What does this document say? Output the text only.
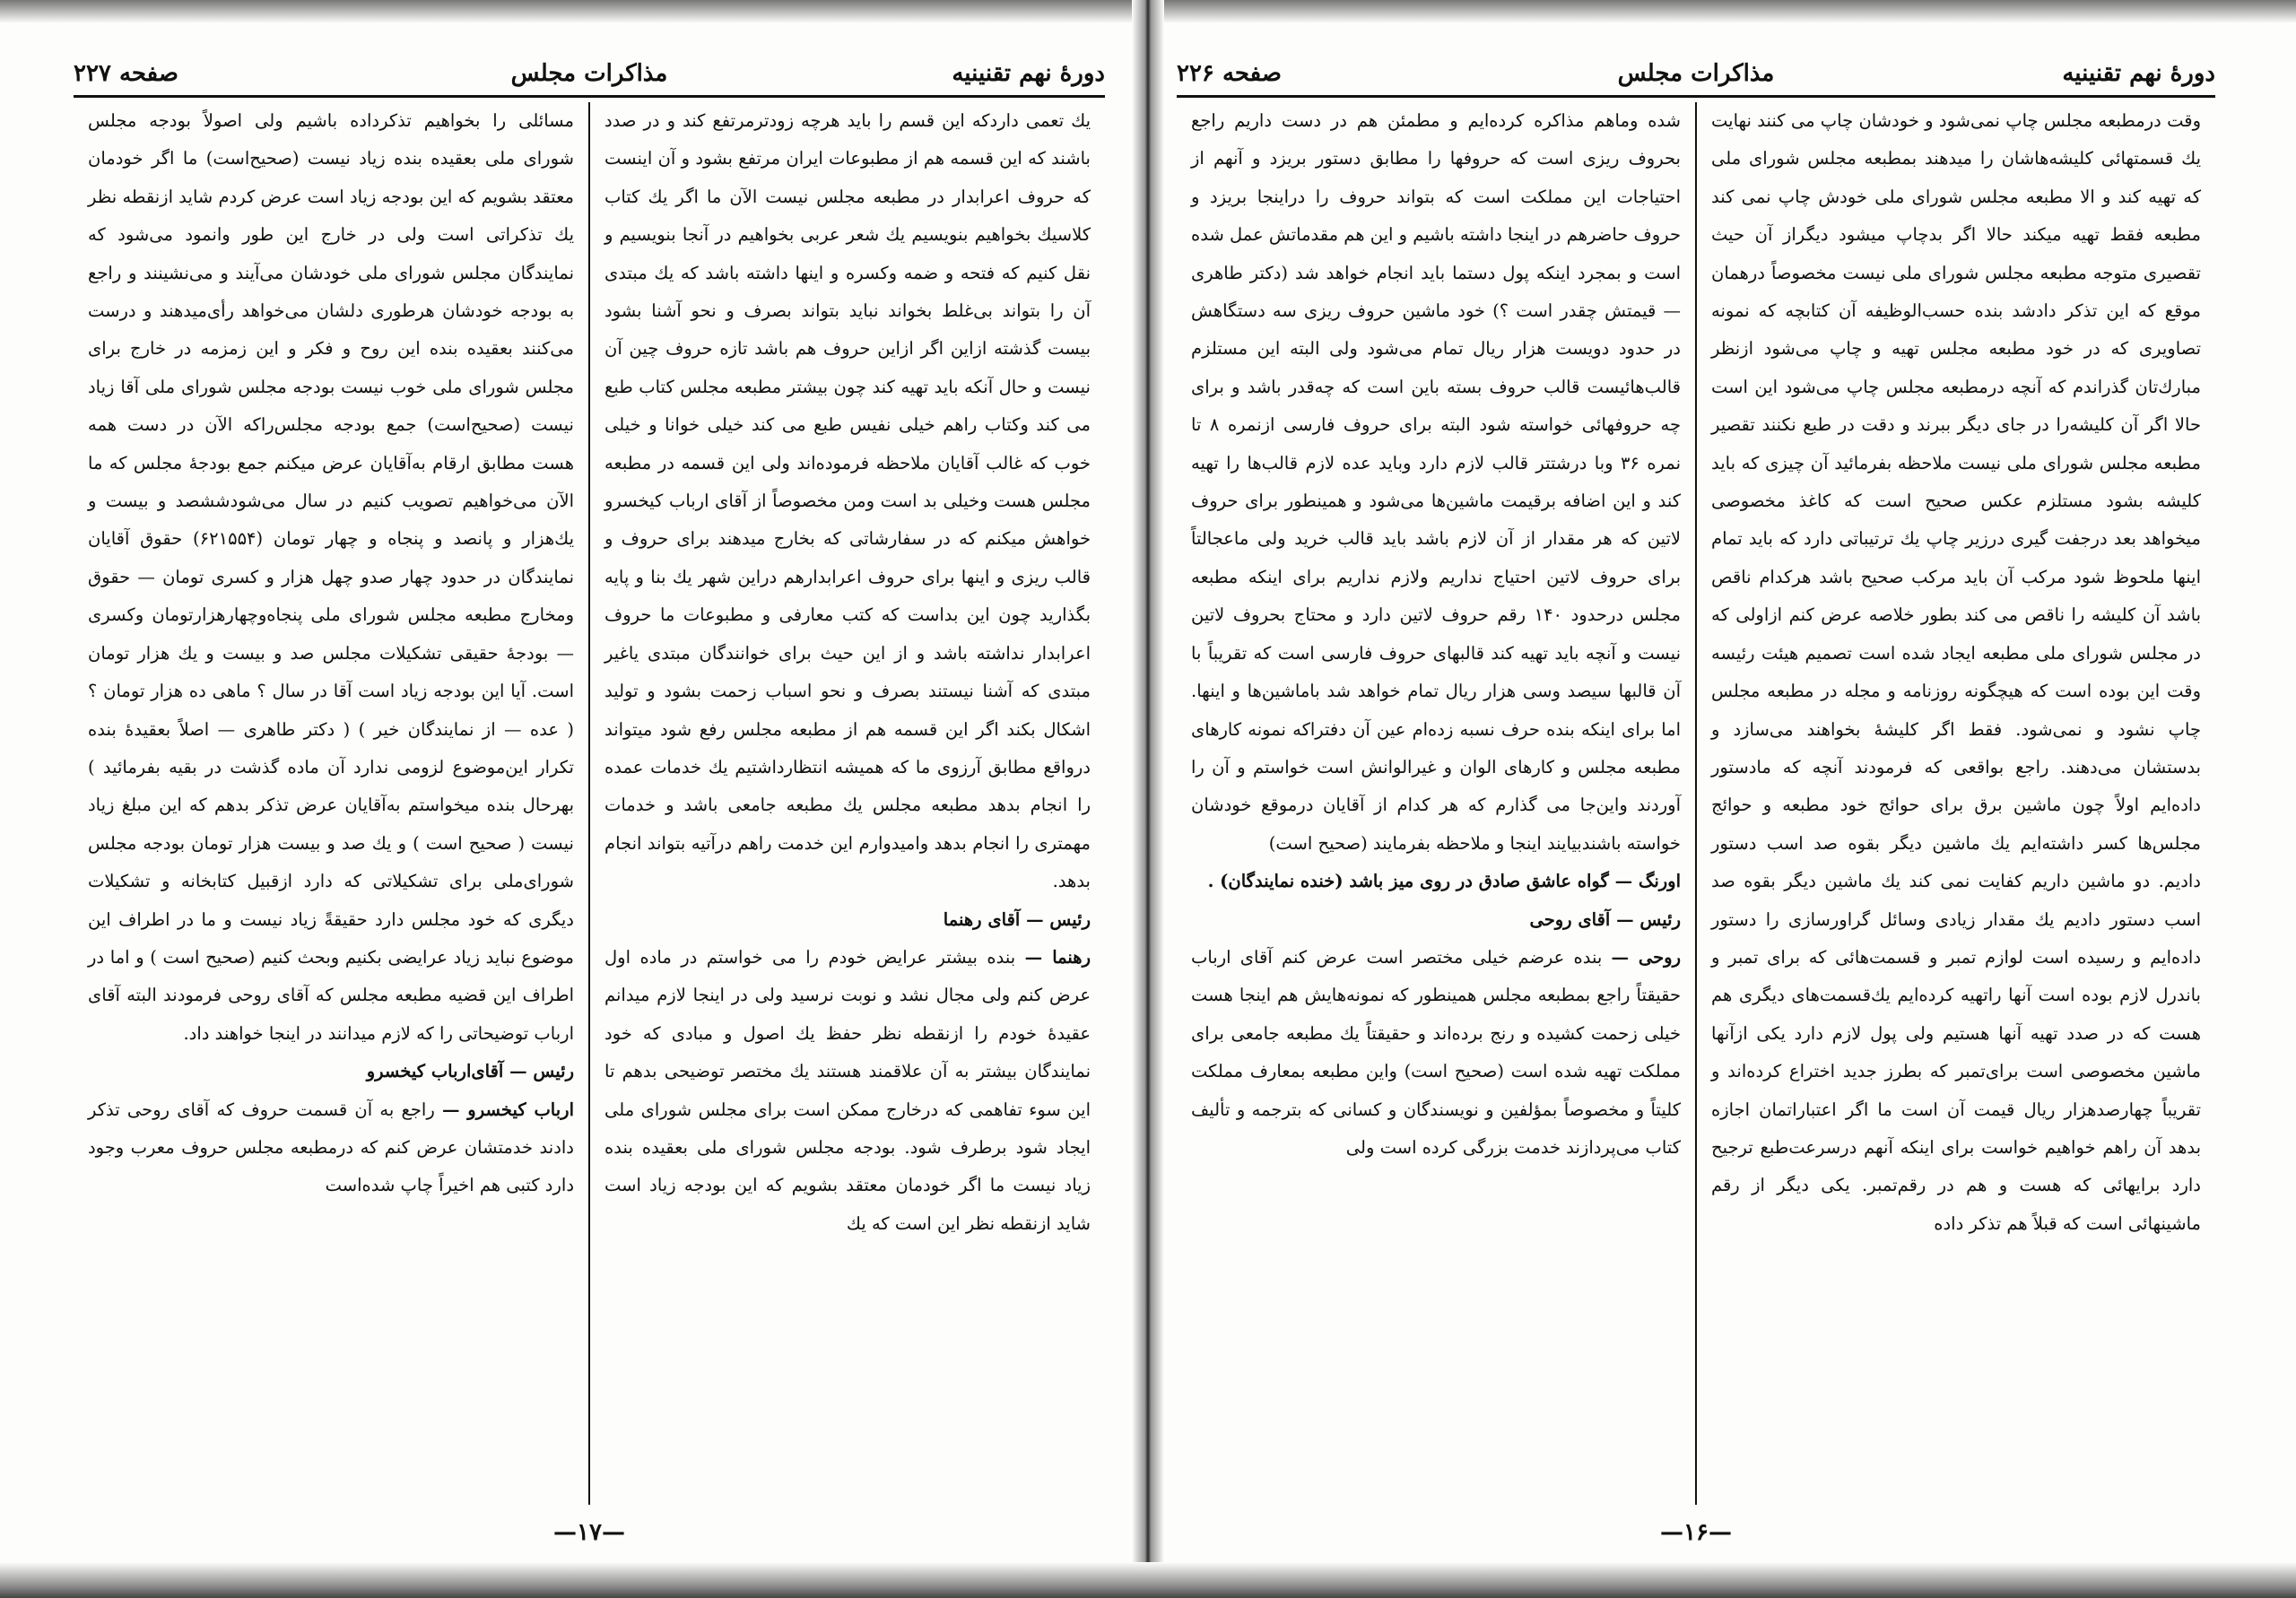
دورهٔ نهم تقنینیه
مذاکرات مجلس
صفحه ۲۲۷

یك تعمی داردكه این قسم را باید هرچه زودترمرتفع كند و در صدد باشند كه این قسمه هم از مطبوعات ایران مرتفع بشود و آن اینست كه حروف اعرابدار در مطبعه مجلس نیست الآن ما اگر یك كتاب كلاسیك بخواهیم بنویسیم یك شعر عربی بخواهیم در آنجا بنویسیم و نقل كنیم كه فتحه و ضمه وكسره و اینها داشته باشد كه یك مبتدی آن را بتواند بی‌غلط بخواند نباید بتواند بصرف و نحو آشنا بشود بیست گذشته ازاین اگر ازاین حروف هم باشد تازه حروف چین آن نیست و حال آنكه باید تهیه كند چون بیشتر مطبعه مجلس كتاب طبع می كند وكتاب راهم خیلی نفیس طبع می كند خیلی خوانا و خیلی خوب كه غالب آقایان ملاحظه فرموده‌اند ولی این قسمه در مطبعه مجلس هست وخیلی بد است ومن مخصوصاً از آقای ارباب كیخسرو خواهش میكنم كه در سفارشاتی كه بخارج میدهند برای حروف و قالب ریزی و اینها برای حروف اعرابدارهم دراین شهر یك بنا و پایه بگذارید چون این بداست كه كتب معارفی و مطبوعات ما حروف اعرابدار نداشته باشد و از این حیث برای خوانندگان مبتدی یاغیر مبتدی كه آشنا نیستند بصرف و نحو اسباب زحمت بشود و تولید اشكال بكند اگر این قسمه هم از مطبعه مجلس رفع شود میتواند درواقع مطابق آرزوی ما كه همیشه انتظارداشتیم یك خدمات عمده را انجام بدهد مطبعه مجلس یك مطبعه جامعی باشد و خدمات مهمتری را انجام بدهد وامیدوارم این خدمت راهم درآتیه بتواند انجام بدهد.

رئیس — آقای رهنما

رهنما — بنده بیشتر عرایض خودم را می خواستم در ماده اول عرض كنم ولی مجال نشد و نوبت نرسید ولی در اینجا لازم میدانم عقیدهٔ خودم را ازنقطه نظر حفظ یك اصول و مبادی كه خود نمایندگان بیشتر به آن علاقمند هستند یك مختصر توضیحی بدهم تا این سوء تفاهمی كه درخارج ممكن است برای مجلس شورای ملی ایجاد شود برطرف شود. بودجه مجلس شورای ملی بعقیده بنده زیاد نیست ما اگر خودمان معتقد بشویم كه این بودجه زیاد است شاید ازنقطه نظر این است كه یك

مسائلی را بخواهیم تذكرداده باشیم ولی اصولاً بودجه مجلس شورای ملی بعقیده بنده زیاد نیست (صحیح‌است) ما اگر خودمان معتقد بشویم كه این بودجه زیاد است عرض كردم شاید ازنقطه نظر یك تذكراتی است ولی در خارج این طور وانمود می‌شود كه نمایندگان مجلس شورای ملی خودشان می‌آیند و می‌نشینند و راجع به بودجه خودشان هرطوری دلشان می‌خواهد رأی‌میدهند و درست می‌كنند بعقیده بنده این روح و فكر و این زمزمه در خارج برای مجلس شورای ملی خوب نیست بودجه مجلس شورای ملی آقا زیاد نیست (صحیح‌است) جمع بودجه مجلس‌راكه الآن در دست همه هست مطابق ارقام به‌آقایان عرض میكنم جمع بودجهٔ مجلس كه ما الآن می‌خواهیم تصویب كنیم در سال می‌شودششصد و بیست و یك‌هزار و پانصد و پنجاه و چهار تومان (۶۲۱۵۵۴) حقوق آقایان نمایندگان در حدود چهار صدو چهل هزار و كسری تومان — حقوق ومخارج مطبعه مجلس شورای ملی پنجاه‌وچهارهزارتومان وكسری — بودجهٔ حقیقی تشكیلات مجلس صد و بیست و یك هزار تومان است. آیا این بودجه زیاد است آقا در سال ؟ ماهی ده هزار تومان ؟ ( عده — از نمایندگان خیر ) ( دكتر طاهری — اصلاً بعقیدهٔ بنده تكرار این‌موضوع لزومی ندارد آن ماده گذشت در بقیه بفرمائید ) بهرحال بنده میخواستم به‌آقایان عرض تذكر بدهم كه این مبلغ زیاد نیست ( صحیح است ) و یك صد و بیست هزار تومان بودجه مجلس شورای‌ملی برای تشكیلاتی كه دارد ازقبیل كتابخانه و تشكیلات دیگری كه خود مجلس دارد حقیقةً زیاد نیست و ما در اطراف این موضوع نباید زیاد عرایضی بكنیم وبحث كنیم (صحیح است ) و اما در اطراف این قضیه مطبعه مجلس كه آقای روحی فرمودند البته آقای ارباب توضیحاتی را كه لازم میدانند در اینجا خواهند داد.

رئیس — آقای‌ارباب كیخسرو

ارباب كیخسرو — راجع به آن قسمت حروف كه آقای روحی تذكر دادند خدمتشان عرض كنم كه درمطبعه مجلس حروف معرب وجود دارد كتبی هم اخیراً چاپ شده‌است

—۱۷—
دورهٔ نهم تقنینیه
مذاکرات مجلس
صفحه ۲۲۶

وقت درمطبعه مجلس چاپ نمی‌شود و خودشان چاپ می كنند نهایت یك قسمتهائی كلیشه‌هاشان را میدهند بمطبعه مجلس شورای ملی كه تهیه كند و الا مطبعه مجلس شورای ملی خودش چاپ نمی كند مطبعه فقط تهیه میكند حالا اگر بدچاپ میشود دیگراز آن حیث تقصیری متوجه مطبعه مجلس شورای ملی نیست مخصوصاً درهمان موقع كه این تذكر دادشد بنده حسب‌الوظیفه آن كتابچه كه نمونه تصاویری كه در خود مطبعه مجلس تهیه و چاپ می‌شود ازنظر مبارك‌تان گذراندم كه آنچه درمطبعه مجلس چاپ می‌شود این است حالا اگر آن كلیشه‌را در جای دیگر ببرند و دقت در طبع نكنند تقصیر مطبعه مجلس شورای ملی نیست ملاحظه بفرمائید آن چیزی كه باید كلیشه بشود مستلزم عكس صحیح است كه كاغذ مخصوصی میخواهد بعد درجفت گیری درزیر چاپ یك ترتیباتی دارد كه باید تمام اینها ملحوظ شود مركب آن باید مركب صحیح باشد هركدام ناقص باشد آن كلیشه را ناقص می كند بطور خلاصه عرض كنم ازاولی كه در مجلس شورای ملی مطبعه ایجاد شده است تصمیم هیئت رئیسه وقت این بوده است كه هیچگونه روزنامه و مجله در مطبعه مجلس چاپ نشود و نمی‌شود. فقط اگر كلیشهٔ بخواهند می‌سازد و بدستشان می‌دهند. راجع بواقعی كه فرمودند آنچه كه مادستور داده‌ایم اولاً چون ماشین برق برای حوائج خود مطبعه و حوائج مجلس‌ها كسر داشته‌ایم یك ماشین دیگر بقوه صد اسب دستور دادیم. دو ماشین داریم كفایت نمی كند یك ماشین دیگر بقوه صد اسب دستور دادیم یك مقدار زیادی وسائل گراورسازی را دستور داده‌ایم و رسیده است لوازم تمبر و قسمت‌هائی كه برای تمبر و باندرل لازم بوده است آنها راتهیه كرده‌ایم یك‌قسمت‌های دیگری هم هست كه در صدد تهیه آنها هستیم ولی پول لازم دارد یكی ازآنها ماشین مخصوصی است برای‌تمبر كه بطرز جدید اختراع كرده‌اند و تقریباً چهارصدهزار ریال قیمت آن است ما اگر اعتباراتمان اجازه بدهد آن راهم خواهیم خواست برای اینكه آنهم درسرعت‌طبع ترجیح دارد برایهائی كه هست و هم در رقم‌تمبر. یكی دیگر از رقم ماشینهائی است كه قبلاً هم تذكر داده

شده وماهم مذاكره كرده‌ایم و مطمئن هم در دست داریم راجع بحروف ریزی است كه حروفها را مطابق دستور بریزد و آنهم از احتیاجات این مملكت است كه بتواند حروف را دراینجا بریزد و حروف حاضرهم در اینجا داشته باشیم و این هم مقدماتش عمل شده است و بمجرد اینكه پول دستما باید انجام خواهد شد (دكتر طاهری — قیمتش چقدر است ؟) خود ماشین حروف ریزی سه دستگاهش در حدود دویست هزار ریال تمام می‌شود ولی البته این مستلزم قالب‌هائیست قالب حروف بسته باین است كه چه‌قدر باشد و برای چه حروفهائی خواسته شود البته برای حروف فارسی ازنمره ۸ تا نمره ۳۶ وبا درشتتر قالب لازم دارد وباید عده لازم قالب‌ها را تهیه كند و این اضافه برقیمت ماشین‌ها می‌شود و همینطور برای حروف لاتین كه هر مقدار از آن لازم باشد باید قالب خرید ولی ماعجالتاً برای حروف لاتین احتیاج نداریم ولازم نداریم برای اینكه مطبعه مجلس درحدود ۱۴۰ رقم حروف لاتین دارد و محتاج بحروف لاتین نیست و آنچه باید تهیه كند قالبهای حروف فارسی است كه تقریباً با آن قالبها سیصد وسی هزار ریال تمام خواهد شد باماشین‌ها و اینها. اما برای اینكه بنده حرف نسبه زده‌ام عین آن دفتراكه نمونه كارهای مطبعه مجلس و كارهای الوان و غیرالوانش است خواستم و آن را آوردند واین‌جا می گذارم كه هر كدام از آقایان درموقع خودشان خواسته باشندبیایند اینجا و ملاحظه بفرمایند (صحیح است)

اورنگ — گواه عاشق صادق در روی میز باشد (خنده نمایندگان) .

رئیس — آقای روحی

روحی — بنده عرضم خیلی مختصر است عرض كنم آقای ارباب حقیقتاً راجع بمطبعه مجلس همینطور كه نمونه‌هایش هم اینجا هست خیلی زحمت كشیده و رنج برده‌اند و حقیقتاً یك مطبعه جامعی برای مملكت تهیه شده است (صحیح است) واین مطبعه بمعارف مملكت كلیتاً و مخصوصاً بمؤلفین و نویسندگان و كسانی كه بترجمه و تألیف كتاب می‌پردازند خدمت بزرگی كرده است ولی

—۱۶—
